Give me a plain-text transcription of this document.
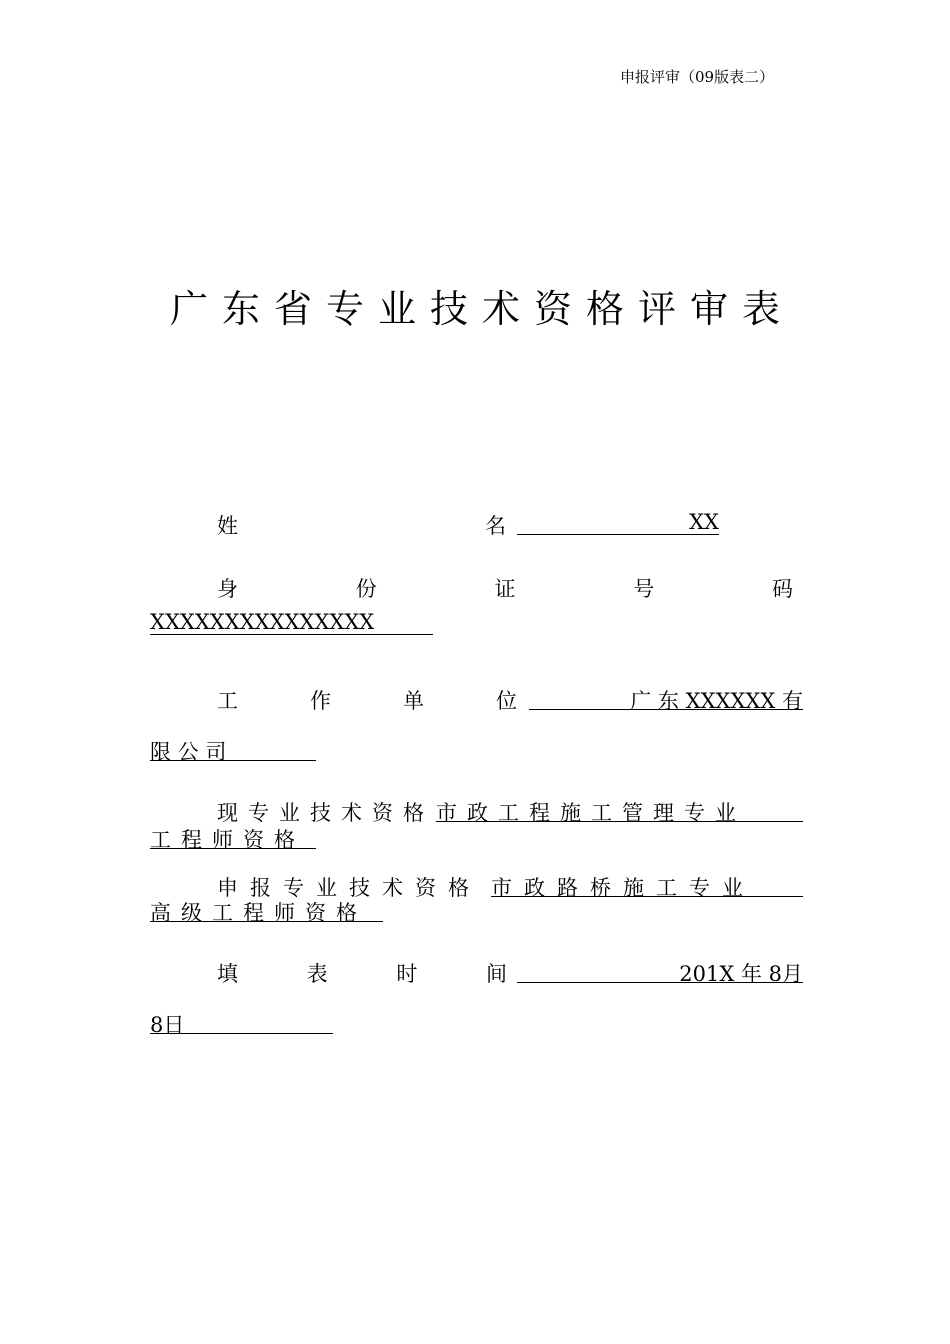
申报评审（09版表二）
广东省专业技术资格评审表
姓	名	XX
身	份	证	号	码
XXXXXXXXXXXXXXX
工	作	单	位	广 东 XXXXXX 有
限 公 司
现专业技术资格 市政工程施工管理专业
工程师资格
申报专业技术资格 市政路桥施工专业
高级工程师资格
填	表	时	间	201X 年 8月
8日
